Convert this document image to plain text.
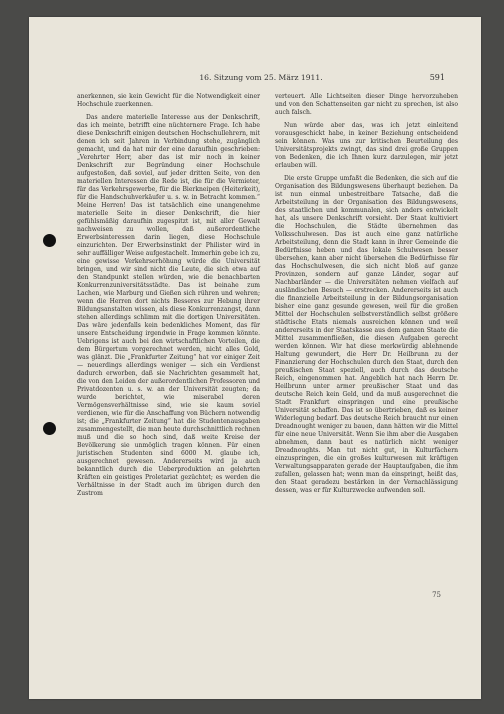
16. Sitzung vom 25. März 1911.	591

anerkennen, sie kein Gewicht für die Notwendigkeit einer Hochschule zuerkennen.

Das andere materielle Interesse aus der Denkschrift, das ich meinte, betrifft eine nüchternere Frage. Ich habe diese Denkschrift einigen deutschen Hochschullehrern, mit denen ich seit Jahren in Verbindung stehe, zugänglich gemacht, und da hat mir der eine daraufhin geschrieben: „Verehrter Herr, aber das ist mir noch in keiner Denkschrift zur Begründung einer Hochschule aufgestoßen, daß soviel, auf jeder dritten Seite, von den materiellen Interessen die Rede ist, die für die Vermieter, für das Verkehrsgewerbe, für die Bierkneipen (Heiterkeit), für die Handschuhverkäufer u. s. w. in Betracht kommen.“ Meine Herren! Das ist tatsächlich eine unangenehme materielle Seite in dieser Denkschrift, die hier gefühlsmäßig daraufhin zugespitzt ist, mit aller Gewalt nachweisen zu wollen, daß außerordentliche Erwerbsinteressen darin liegen, diese Hochschule einzurichten. Der Erwerbsinstinkt der Philister wird in sehr auffälliger Weise aufgestachelt. Immerhin gebe ich zu, eine gewisse Verkehrserhöhung würde die Universität bringen, und wir sind nicht die Leute, die sich etwa auf den Standpunkt stellen würden, wie die benachbarten Konkurrenzuniversitätsstädte. Das ist beinahe zum Lachen, wie Marburg und Gießen sich rühren und wehren; wenn die Herren dort nichts Besseres zur Hebung ihrer Bildungsanstalten wissen, als diese Konkurrenzangst, dann stehen allerdings schlimm mit die dortigen Universitäten. Das wäre jedenfalls kein bedenkliches Moment, das für unsere Entscheidung irgendwie in Frage kommen könnte. Uebrigens ist auch bei den wirtschaftlichen Vorteilen, die dem Bürgertum vorgerechnet werden, nicht alles Gold, was glänzt. Die „Frankfurter Zeitung“ hat vor einiger Zeit — neuerdings allerdings weniger — sich ein Verdienst dadurch erworben, daß sie Nachrichten gesammelt hat, die von den Leiden der außerordentlichen Professoren und Privatdozenten u. s. w. an der Universität zeugten; da wurde berichtet, wie miserabel deren Vermögensverhältnisse sind, wie sie kaum soviel verdienen, wie für die Anschaffung von Büchern notwendig ist; die „Frankfurter Zeitung“ hat die Studentenausgaben zusammengestellt, die man heute durchschnittlich rechnen muß und die so hoch sind, daß weite Kreise der Bevölkerung sie unmöglich tragen können. Für einen juristischen Studenten sind 6000 M. glaube ich, ausgerechnet gewesen. Andererseits wird ja auch bekanntlich durch die Ueberproduktion an gelehrten Kräften ein geistiges Proletariat gezüchtet; es werden die Verhältnisse in der Stadt auch im übrigen durch den Zustrom

verteuert. Alle Lichtseiten dieser Dinge hervorzuheben und von den Schattenseiten gar nicht zu sprechen, ist also auch falsch.

Nun würde aber das, was ich jetzt einleitend vorausgeschickt habe, in keiner Beziehung entscheidend sein können. Was uns zur kritischen Beurteilung des Universitätsprojekts zwingt, das sind drei große Gruppen von Bedenken, die ich Ihnen kurz darzulegen, mir jetzt erlauben will.

Die erste Gruppe umfaßt die Bedenken, die sich auf die Organisation des Bildungswesens überhaupt beziehen. Da ist nun einmal unbestreitbare Tatsache, daß die Arbeitsteilung in der Organisation des Bildungswesens, des staatlichen und kommunalen, sich anders entwickelt hat, als unsere Denkschrift vorsieht. Der Staat kultiviert die Hochschulen, die Städte übernehmen das Volksschulwesen. Das ist auch eine ganz natürliche Arbeitsteilung, denn die Stadt kann in ihrer Gemeinde die Bedürfnisse heben und das lokale Schulwesen besser übersehen, kann aber nicht übersehen die Bedürfnisse für das Hochschulwesen, die sich nicht bloß auf ganze Provinzen, sondern auf ganze Länder, sogar auf Nachbarländer — die Universitäten nehmen vielfach auf ausländischen Besuch — erstrecken. Andererseits ist auch die finanzielle Arbeitsteilung in der Bildungsorganisation bisher eine ganz gesunde gewesen, weil für die großen Mittel der Hochschulen selbstverständlich selbst größere städtische Etats niemals ausreichen können und weil andererseits in der Staatskasse aus dem ganzen Staate die Mittel zusammenfließen, die diesen Aufgaben gerecht werden können. Wir hat diese merkwürdig ablehnende Haltung gewundert, die Herr Dr. Heilbrunn zu der Finanzierung der Hochschulen durch den Staat, durch den preußischen Staat speziell, auch durch das deutsche Reich, eingenommen hat. Angeblich hat nach Herrn Dr. Heilbrunn unter armer preußischer Staat und das deutsche Reich kein Geld, und da muß ausgerechnet die Stadt Frankfurt einspringen und eine preußische Universität schaffen. Das ist so übertrieben, daß es keiner Widerlegung bedarf. Das deutsche Reich braucht nur einen Dreadnought weniger zu bauen, dann hätten wir die Mittel für eine neue Universität. Wenn Sie ihm aber die Ausgaben abnehmen, dann baut es natürlich nicht weniger Dreadnoughts. Man tut nicht gut, in Kulturfächern einzuspringen, die ein großes kulturwesen mit kräftigen Verwaltungsapparaten gerade der Hauptaufgaben, die ihm zufallen, gelassen hat; wenn man da einspringt, heißt das, den Staat geradezu bestärken in der Vernachlässigung dessen, was er für Kulturzwecke aufwenden soll.

75
